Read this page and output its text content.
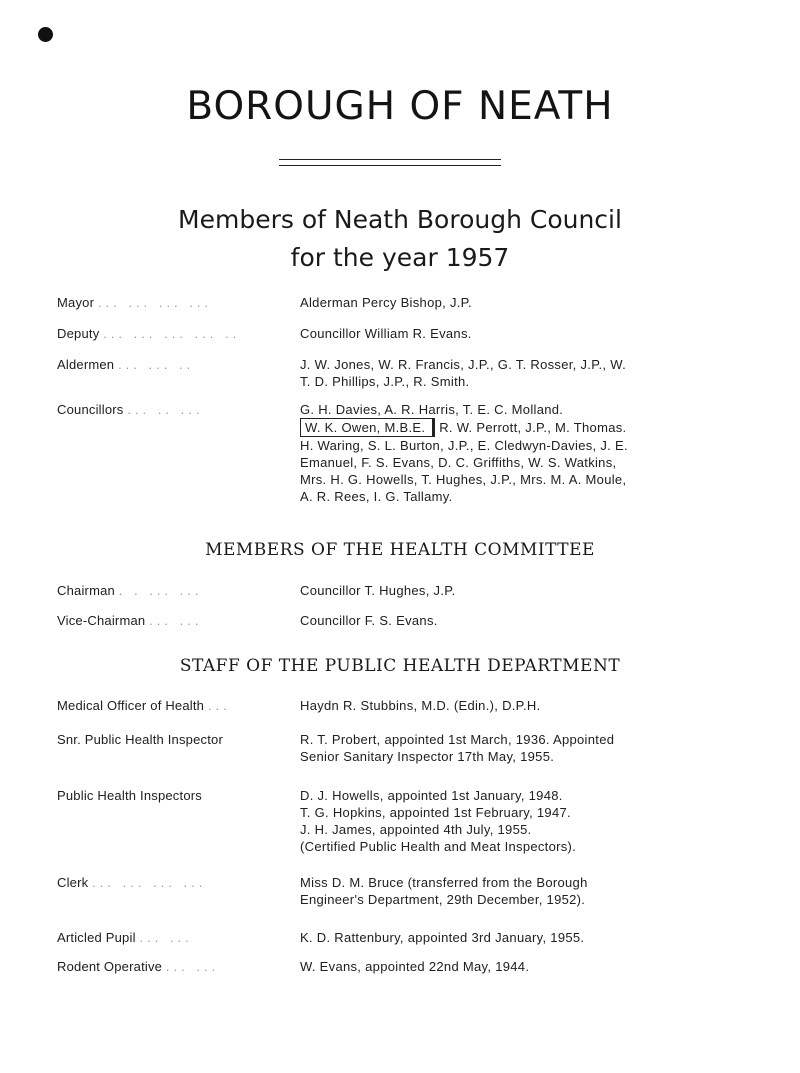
BOROUGH OF NEATH
Members of Neath Borough Council
for the year 1957
Mayor ... ... ... ...	Alderman Percy Bishop, J.P.
Deputy ... ... ... ... ..	Councillor William R. Evans.
Aldermen ... ... ..	J. W. Jones, W. R. Francis, J.P., G. T. Rosser, J.P., W.
T. D. Phillips, J.P., R. Smith.
Councillors ... .. ...	G. H. Davies, A. R. Harris, T. E. C. Molland.
W. K. Owen, M.B.E. R. W. Perrott, J.P., M. Thomas.
H. Waring, S. L. Burton, J.P., E. Cledwyn-Davies, J. E.
Emanuel, F. S. Evans, D. C. Griffiths, W. S. Watkins,
Mrs. H. G. Howells, T. Hughes, J.P., Mrs. M. A. Moule,
A. R. Rees, I. G. Tallamy.
MEMBERS OF THE HEALTH COMMITTEE
Chairman . . ... ...	Councillor T. Hughes, J.P.
Vice-Chairman ... ...	Councillor F. S. Evans.
STAFF OF THE PUBLIC HEALTH DEPARTMENT
Medical Officer of Health ...	Haydn R. Stubbins, M.D. (Edin.), D.P.H.
Snr. Public Health Inspector	R. T. Probert, appointed 1st March, 1936. Appointed
Senior Sanitary Inspector 17th May, 1955.
Public Health Inspectors	D. J. Howells, appointed 1st January, 1948.
T. G. Hopkins, appointed 1st February, 1947.
J. H. James, appointed 4th July, 1955.
(Certified Public Health and Meat Inspectors).
Clerk ... ... ... ...	Miss D. M. Bruce (transferred from the Borough
Engineer's Department, 29th December, 1952).
Articled Pupil ... ...	K. D. Rattenbury, appointed 3rd January, 1955.
Rodent Operative ... ...	W. Evans, appointed 22nd May, 1944.
